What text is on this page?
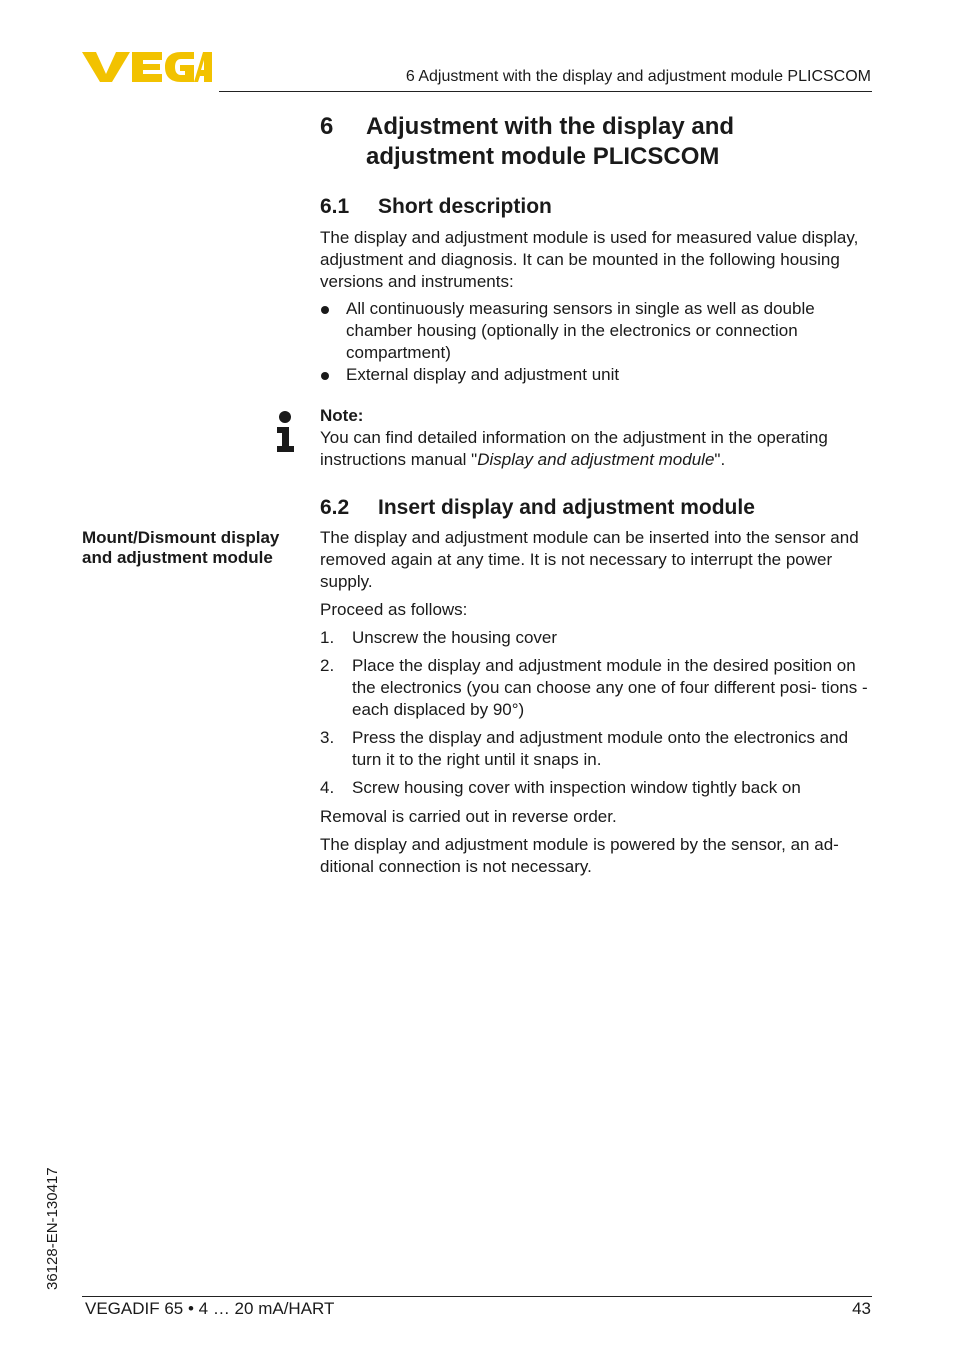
6 Adjustment with the display and adjustment module PLICSCOM
6 Adjustment with the display and adjustment module PLICSCOM
6.1 Short description
The display and adjustment module is used for measured value display, adjustment and diagnosis. It can be mounted in the following housing versions and instruments:
All continuously measuring sensors in single as well as double chamber housing (optionally in the electronics or connection compartment)
External display and adjustment unit
Note:
You can find detailed information on the adjustment in the operating instructions manual "Display and adjustment module".
6.2 Insert display and adjustment module
Mount/Dismount display and adjustment module
The display and adjustment module can be inserted into the sensor and removed again at any time. It is not necessary to interrupt the power supply.
Proceed as follows:
1. Unscrew the housing cover
2. Place the display and adjustment module in the desired position on the electronics (you can choose any one of four different posi- tions - each displaced by 90°)
3. Press the display and adjustment module onto the electronics and turn it to the right until it snaps in.
4. Screw housing cover with inspection window tightly back on
Removal is carried out in reverse order.
The display and adjustment module is powered by the sensor, an ad- ditional connection is not necessary.
36128-EN-130417
VEGADIF 65 • 4 … 20 mA/HART	43
